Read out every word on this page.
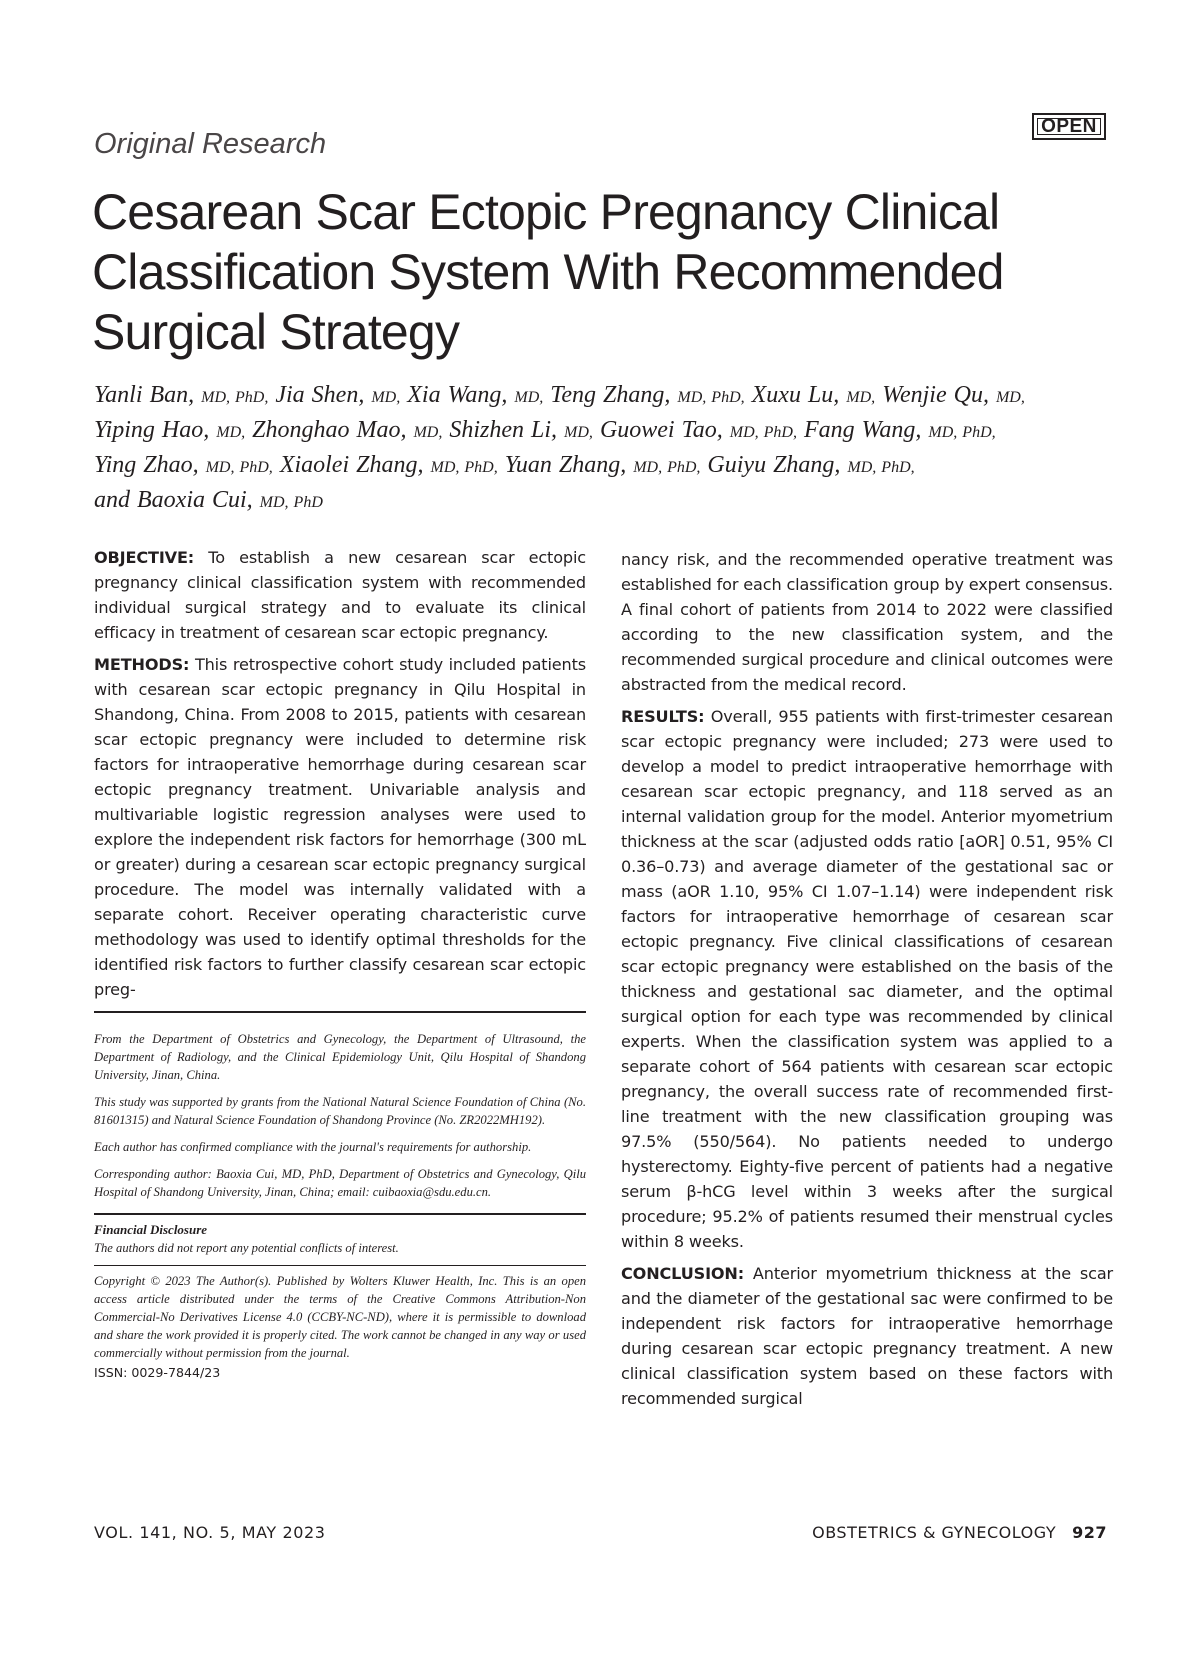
OPEN
Original Research
Cesarean Scar Ectopic Pregnancy Clinical
Classification System With Recommended
Surgical Strategy
Yanli Ban, MD, PhD, Jia Shen, MD, Xia Wang, MD, Teng Zhang, MD, PhD, Xuxu Lu, MD, Wenjie Qu, MD,
Yiping Hao, MD, Zhonghao Mao, MD, Shizhen Li, MD, Guowei Tao, MD, PhD, Fang Wang, MD, PhD,
Ying Zhao, MD, PhD, Xiaolei Zhang, MD, PhD, Yuan Zhang, MD, PhD, Guiyu Zhang, MD, PhD,
and Baoxia Cui, MD, PhD

OBJECTIVE: To establish a new cesarean scar ectopic pregnancy clinical classification system with recommended individual surgical strategy and to evaluate its clinical efficacy in treatment of cesarean scar ectopic pregnancy.

METHODS: This retrospective cohort study included patients with cesarean scar ectopic pregnancy in Qilu Hospital in Shandong, China. From 2008 to 2015, patients with cesarean scar ectopic pregnancy were included to determine risk factors for intraoperative hemorrhage during cesarean scar ectopic pregnancy treatment. Univariable analysis and multivariable logistic regression analyses were used to explore the independent risk factors for hemorrhage (300 mL or greater) during a cesarean scar ectopic pregnancy surgical procedure. The model was internally validated with a separate cohort. Receiver operating characteristic curve methodology was used to identify optimal thresholds for the identified risk factors to further classify cesarean scar ectopic preg-

From the Department of Obstetrics and Gynecology, the Department of Ultrasound, the Department of Radiology, and the Clinical Epidemiology Unit, Qilu Hospital of Shandong University, Jinan, China.

This study was supported by grants from the National Natural Science Foundation of China (No. 81601315) and Natural Science Foundation of Shandong Province (No. ZR2022MH192).

Each author has confirmed compliance with the journal's requirements for authorship.

Corresponding author: Baoxia Cui, MD, PhD, Department of Obstetrics and Gynecology, Qilu Hospital of Shandong University, Jinan, China; email: cuibaoxia@sdu.edu.cn.

Financial Disclosure

The authors did not report any potential conflicts of interest.

Copyright © 2023 The Author(s). Published by Wolters Kluwer Health, Inc. This is an open access article distributed under the terms of the Creative Commons Attribution-Non Commercial-No Derivatives License 4.0 (CCBY-NC-ND), where it is permissible to download and share the work provided it is properly cited. The work cannot be changed in any way or used commercially without permission from the journal.

ISSN: 0029-7844/23

nancy risk, and the recommended operative treatment was established for each classification group by expert consensus. A final cohort of patients from 2014 to 2022 were classified according to the new classification system, and the recommended surgical procedure and clinical outcomes were abstracted from the medical record.

RESULTS: Overall, 955 patients with first-trimester cesarean scar ectopic pregnancy were included; 273 were used to develop a model to predict intraoperative hemorrhage with cesarean scar ectopic pregnancy, and 118 served as an internal validation group for the model. Anterior myometrium thickness at the scar (adjusted odds ratio [aOR] 0.51, 95% CI 0.36–0.73) and average diameter of the gestational sac or mass (aOR 1.10, 95% CI 1.07–1.14) were independent risk factors for intraoperative hemorrhage of cesarean scar ectopic pregnancy. Five clinical classifications of cesarean scar ectopic pregnancy were established on the basis of the thickness and gestational sac diameter, and the optimal surgical option for each type was recommended by clinical experts. When the classification system was applied to a separate cohort of 564 patients with cesarean scar ectopic pregnancy, the overall success rate of recommended first-line treatment with the new classification grouping was 97.5% (550/564). No patients needed to undergo hysterectomy. Eighty-five percent of patients had a negative serum β-hCG level within 3 weeks after the surgical procedure; 95.2% of patients resumed their menstrual cycles within 8 weeks.

CONCLUSION: Anterior myometrium thickness at the scar and the diameter of the gestational sac were confirmed to be independent risk factors for intraoperative hemorrhage during cesarean scar ectopic pregnancy treatment. A new clinical classification system based on these factors with recommended surgical

VOL. 141, NO. 5, MAY 2023	OBSTETRICS & GYNECOLOGY 927
